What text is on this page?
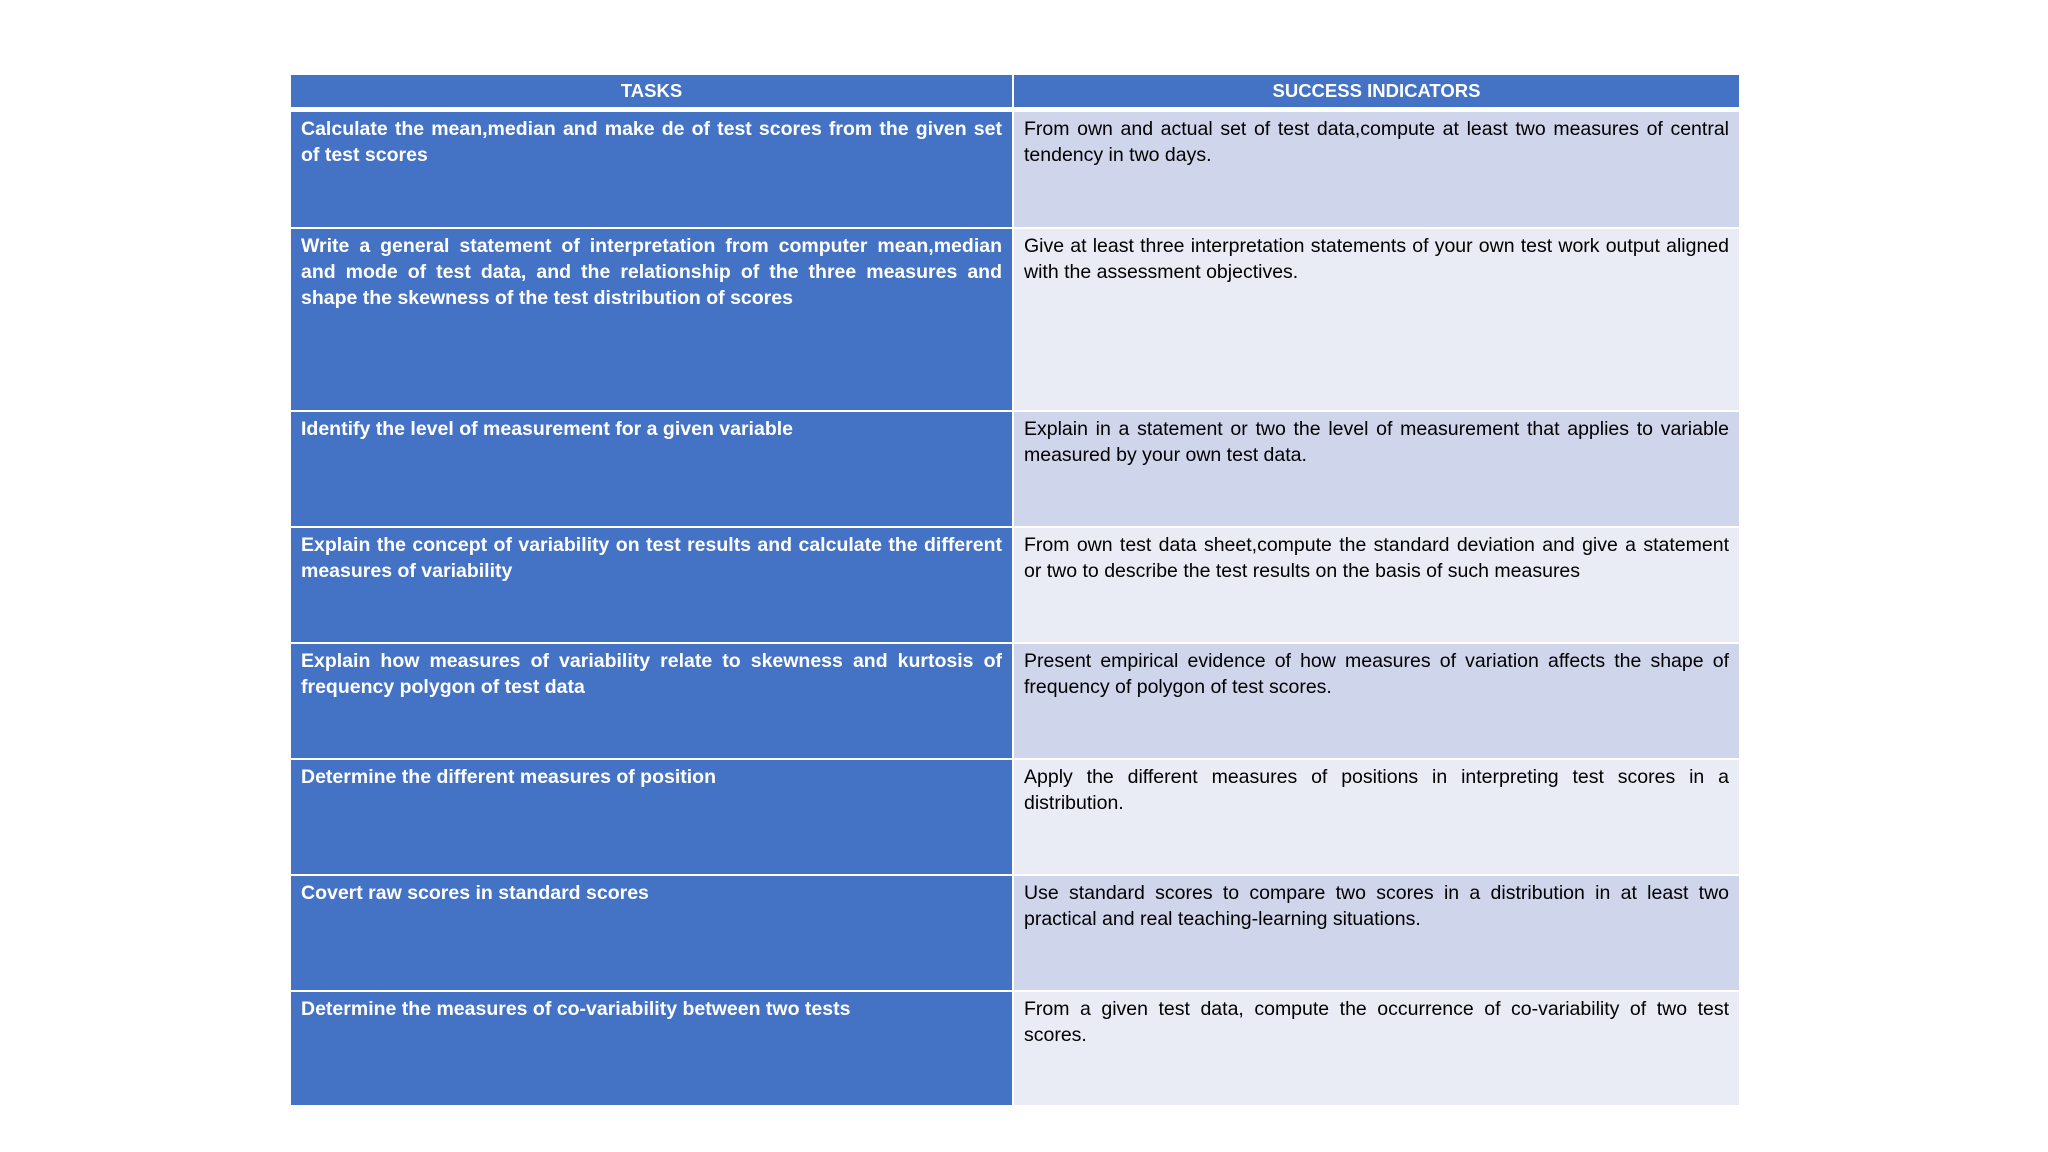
TASKS	SUCCESS INDICATORS
Calculate the mean,median and make de of test scores from the given set of test scores	From own and actual set of test data,compute at least two measures of central tendency in two days.
Write a general statement of interpretation from computer mean,median and mode of test data, and the relationship of the three measures and shape the skewness of the test distribution of scores	Give at least three interpretation statements of your own test work output aligned with the assessment objectives.
Identify the level of measurement for a given variable	Explain in a statement or two the level of measurement that applies to variable measured by your own test data.
Explain the concept of variability on test results and calculate the different measures of variability	From own test data sheet,compute the standard deviation and give a statement or two to describe the test results on the basis of such measures
Explain how measures of variability relate to skewness and kurtosis of frequency polygon of test data	Present empirical evidence of how measures of variation affects the shape of frequency of polygon of test scores.
Determine the different measures of position	Apply the different measures of positions in interpreting test scores in a distribution.
Covert raw scores in standard scores	Use standard scores to compare two scores in a distribution in at least two practical and real teaching-learning situations.
Determine the measures of co-variability between two tests	From a given test data, compute the occurrence of co-variability of two test scores.
